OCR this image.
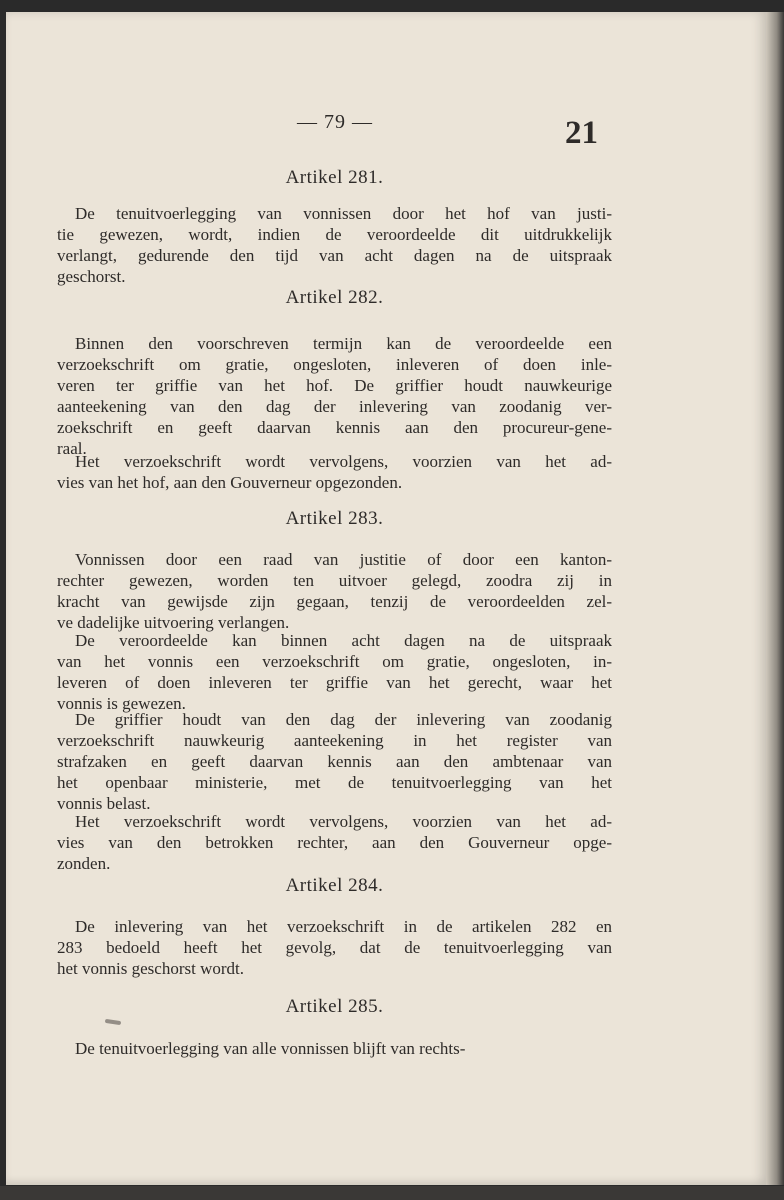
— 79 —	21
Artikel 281.
De tenuitvoerlegging van vonnissen door het hof van justi-
tie gewezen, wordt, indien de veroordeelde dit uitdrukkelijk
verlangt, gedurende den tijd van acht dagen na de uitspraak
geschorst.
Artikel 282.
Binnen den voorschreven termijn kan de veroordeelde een
verzoekschrift om gratie, ongesloten, inleveren of doen inle-
veren ter griffie van het hof. De griffier houdt nauwkeurige
aanteekening van den dag der inlevering van zoodanig ver-
zoekschrift en geeft daarvan kennis aan den procureur-gene-
raal.
Het verzoekschrift wordt vervolgens, voorzien van het ad-
vies van het hof, aan den Gouverneur opgezonden.
Artikel 283.
Vonnissen door een raad van justitie of door een kanton-
rechter gewezen, worden ten uitvoer gelegd, zoodra zij in
kracht van gewijsde zijn gegaan, tenzij de veroordeelden zel-
ve dadelijke uitvoering verlangen.
De veroordeelde kan binnen acht dagen na de uitspraak
van het vonnis een verzoekschrift om gratie, ongesloten, in-
leveren of doen inleveren ter griffie van het gerecht, waar het
vonnis is gewezen.
De griffier houdt van den dag der inlevering van zoodanig
verzoekschrift nauwkeurig aanteekening in het register van
strafzaken en geeft daarvan kennis aan den ambtenaar van
het openbaar ministerie, met de tenuitvoerlegging van het
vonnis belast.
Het verzoekschrift wordt vervolgens, voorzien van het ad-
vies van den betrokken rechter, aan den Gouverneur opge-
zonden.
Artikel 284.
De inlevering van het verzoekschrift in de artikelen 282 en
283 bedoeld heeft het gevolg, dat de tenuitvoerlegging van
het vonnis geschorst wordt.
Artikel 285.
De tenuitvoerlegging van alle vonnissen blijft van rechts-
